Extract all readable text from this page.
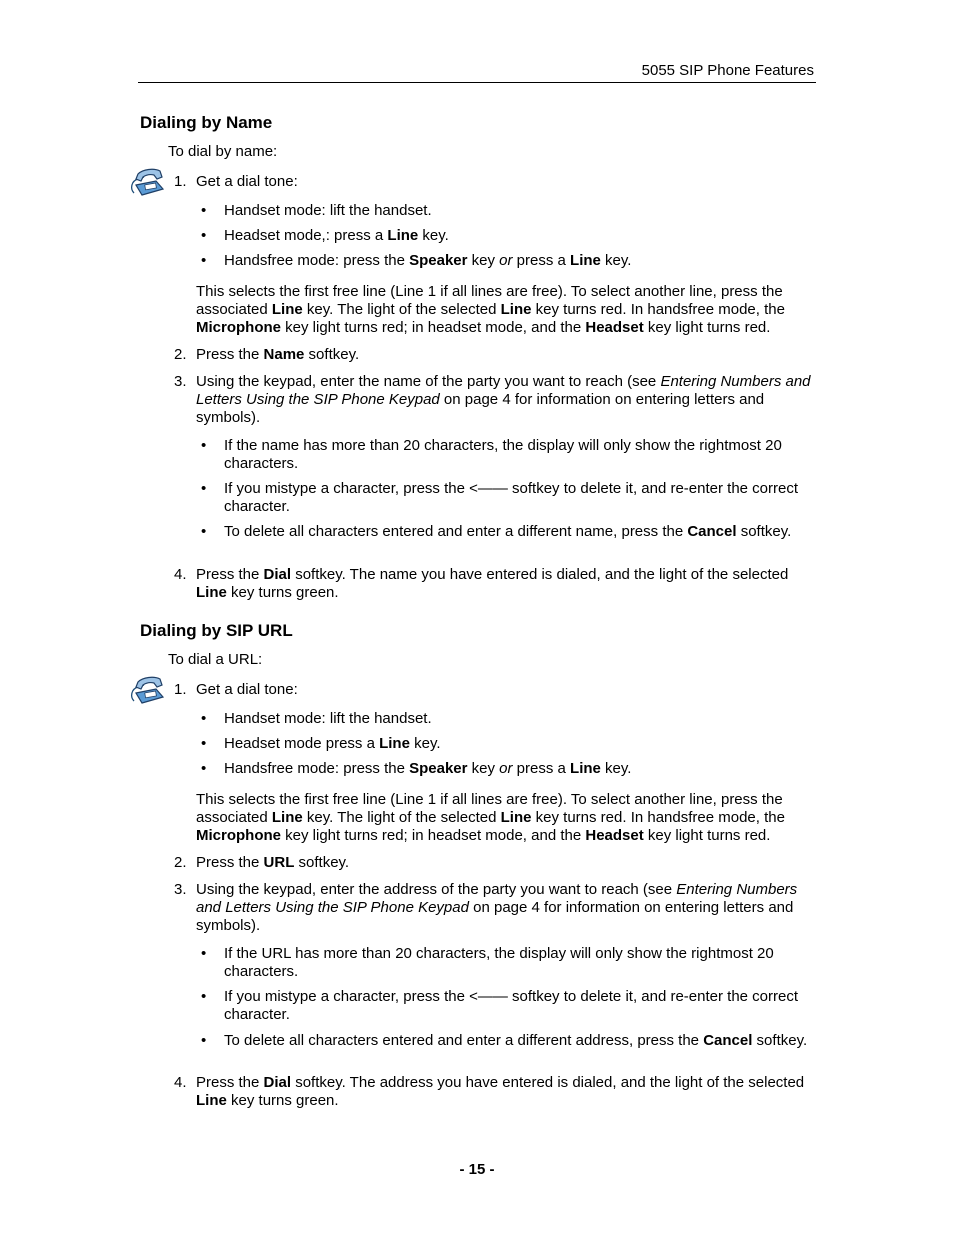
5055 SIP Phone Features
Dialing by Name

To dial by name:

1. Get a dial tone:

•	Handset mode: lift the handset.

•	Headset mode,: press a Line key.

•	Handsfree mode: press the Speaker key or press a Line key.

This selects the first free line (Line 1 if all lines are free). To select another line, press the associated Line key. The light of the selected Line key turns red. In handsfree mode, the Microphone key light turns red; in headset mode, and the Headset key light turns red.

2. Press the Name softkey.

3. Using the keypad, enter the name of the party you want to reach (see Entering Numbers and Letters Using the SIP Phone Keypad on page 4 for information on entering letters and symbols).

•	If the name has more than 20 characters, the display will only show the rightmost 20 characters.

•	If you mistype a character, press the <—— softkey to delete it, and re-enter the correct character.

•	To delete all characters entered and enter a different name, press the Cancel softkey.

4. Press the Dial softkey. The name you have entered is dialed, and the light of the selected Line key turns green.

Dialing by SIP URL

To dial a URL:

1. Get a dial tone:

•	Handset mode: lift the handset.

•	Headset mode press a Line key.

•	Handsfree mode: press the Speaker key or press a Line key.

This selects the first free line (Line 1 if all lines are free). To select another line, press the associated Line key. The light of the selected Line key turns red. In handsfree mode, the Microphone key light turns red; in headset mode, and the Headset key light turns red.

2. Press the URL softkey.

3. Using the keypad, enter the address of the party you want to reach (see Entering Numbers and Letters Using the SIP Phone Keypad on page 4 for information on entering letters and symbols).

•	If the URL has more than 20 characters, the display will only show the rightmost 20 characters.

•	If you mistype a character, press the <—— softkey to delete it, and re-enter the correct character.

•	To delete all characters entered and enter a different address, press the Cancel softkey.

4. Press the Dial softkey. The address you have entered is dialed, and the light of the selected Line key turns green.

- 15 -
